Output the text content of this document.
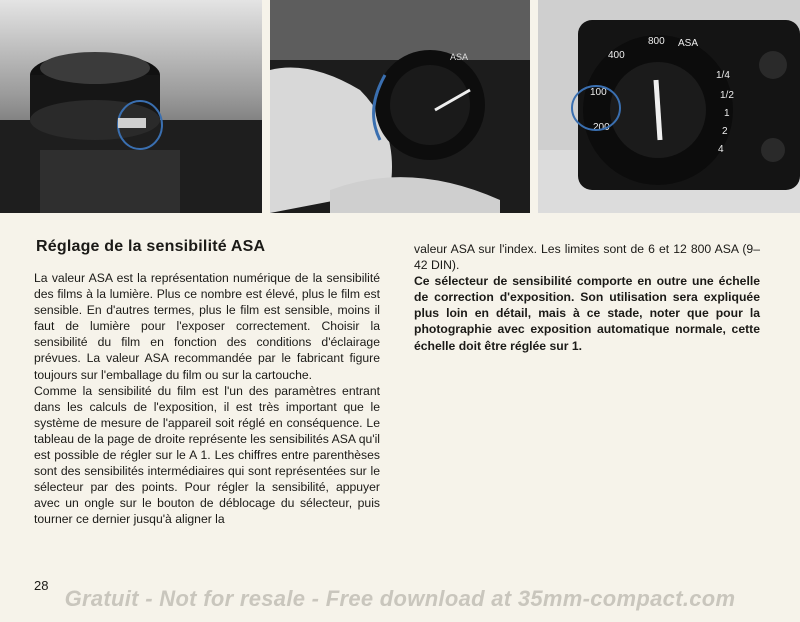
ASA
100
200
400
800 ASA
1/4
1/2
1
2
4
Réglage de la sensibilité ASA

La valeur ASA est la représentation numérique de la sensibilité des films à la lumière. Plus ce nombre est élevé, plus le film est sensible. En d'autres termes, plus le film est sensible, moins il faut de lumière pour l'exposer correctement. Choisir la sensibilité du film en fonction des conditions d'éclairage prévues. La valeur ASA recommandée par le fabricant figure toujours sur l'emballage du film ou sur la cartouche.

Comme la sensibilité du film est l'un des paramètres entrant dans les calculs de l'exposition, il est très important que le système de mesure de l'appareil soit réglé en conséquence. Le tableau de la page de droite représente les sensibilités ASA qu'il est possible de régler sur le A 1. Les chiffres entre parenthèses sont des sensibilités intermédiaires qui sont représentées sur le sélecteur par des points. Pour régler la sensibilité, appuyer avec un ongle sur le bouton de déblocage du sélecteur, puis tourner ce dernier jusqu'à aligner la

valeur ASA sur l'index. Les limites sont de 6 et 12 800 ASA (9–42 DIN).

Ce sélecteur de sensibilité comporte en outre une échelle de correction d'exposition. Son utilisation sera expliquée plus loin en détail, mais à ce stade, noter que pour la photographie avec exposition automatique normale, cette échelle doit être réglée sur 1.

28
Gratuit - Not for resale - Free download at 35mm-compact.com
